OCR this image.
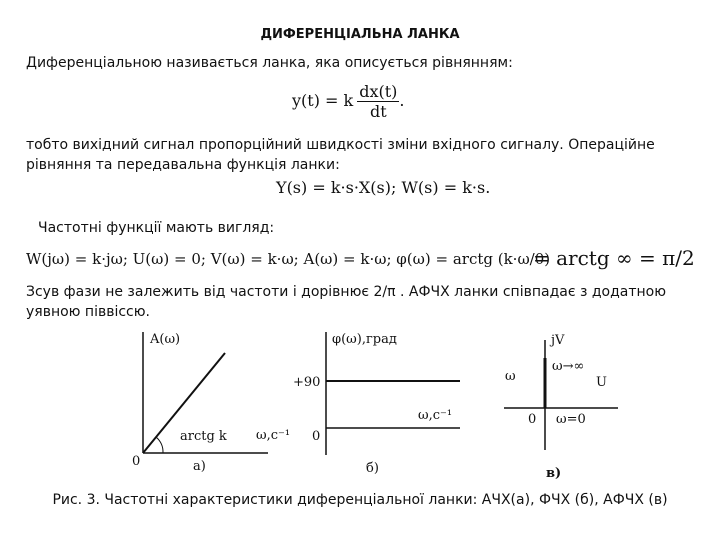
ДИФЕРЕНЦІАЛЬНА ЛАНКА
Диференціальною називається ланка, яка описується рівнянням:
y(t) = k $\frac{dx(t)}{dt}$ .
тобто вихідний сигнал пропорційний швидкості зміни вхідного сигналу. Операційне
рівняння та передавальна функція ланки:
Y(s) = k·s·X(s); W(s) = k·s.
Частотні функції мають вигляд:
W(jω) = k·jω; U(ω) = 0; V(ω) = k·ω; A(ω) = k·ω; φ(ω) = arctg (k·ω/0)
= arctg ∞ = π/2
Зсув фази не залежить від частоти і дорівнює 2/π . АФЧХ ланки співпадає з додатною
уявною піввіссю.
A(ω)
ω,c⁻¹
0
arctg k
а)
φ(ω),град
+90
ω,c⁻¹
0
б)
jV
U
ω
ω→∞
0 ω=0
в)
Рис. 3. Частотні характеристики диференціальної ланки: АЧХ(а), ФЧХ (б), АФЧХ (в)
